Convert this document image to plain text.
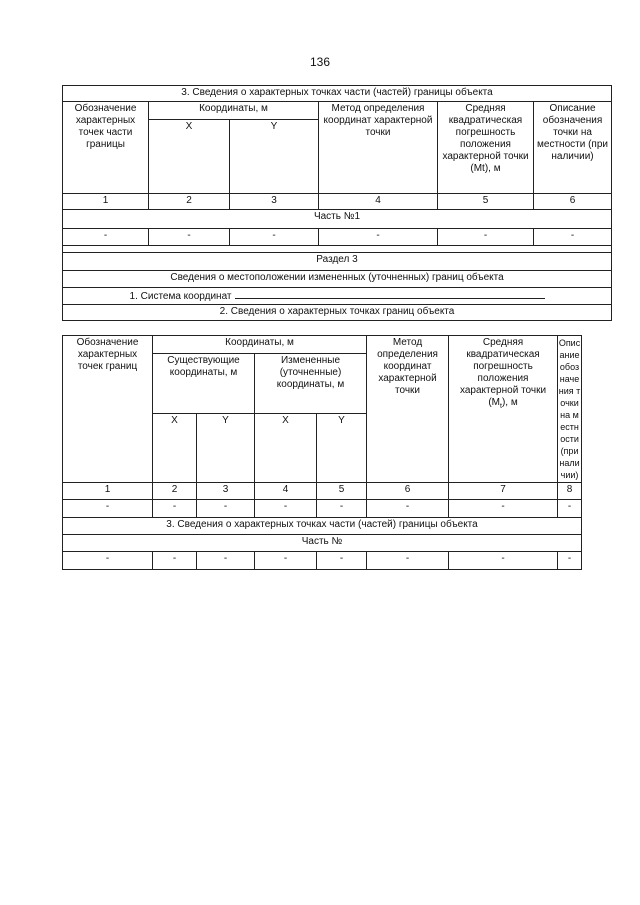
136
3. Сведения о характерных точках части (частей) границы объекта					
Обозначение характерных точек части границы	Координаты, м		Метод определения координат характерной точки	Средняя квадратическая погрешность положения характерной точки (Mt), м	Описание обозначения точки на местности (при наличии)
	X	Y			
1	2	3	4	5	6
Часть №1					
-	-	-	-	-	-

Раздел 3					
Сведения о местоположении измененных (уточненных) границ объекта					
1. Система координат					
2. Сведения о характерных точках границ объекта					
Обозначение характерных точек границ	Координаты, м				Метод определения координат характерной точки	Средняя квадратическая погрешность положения характерной точки $(M_t)$, м	Описание обозначения точки на местности (при наличии)
	Существующие координаты, м		Измененные (уточненные) координаты, м				
	X	Y	X	Y			
1	2	3	4	5	6	7	8
-	-	-	-	-	-	-	-
3. Сведения о характерных точках части (частей) границы объекта							
Часть №							
-	-	-	-	-	-	-	-
